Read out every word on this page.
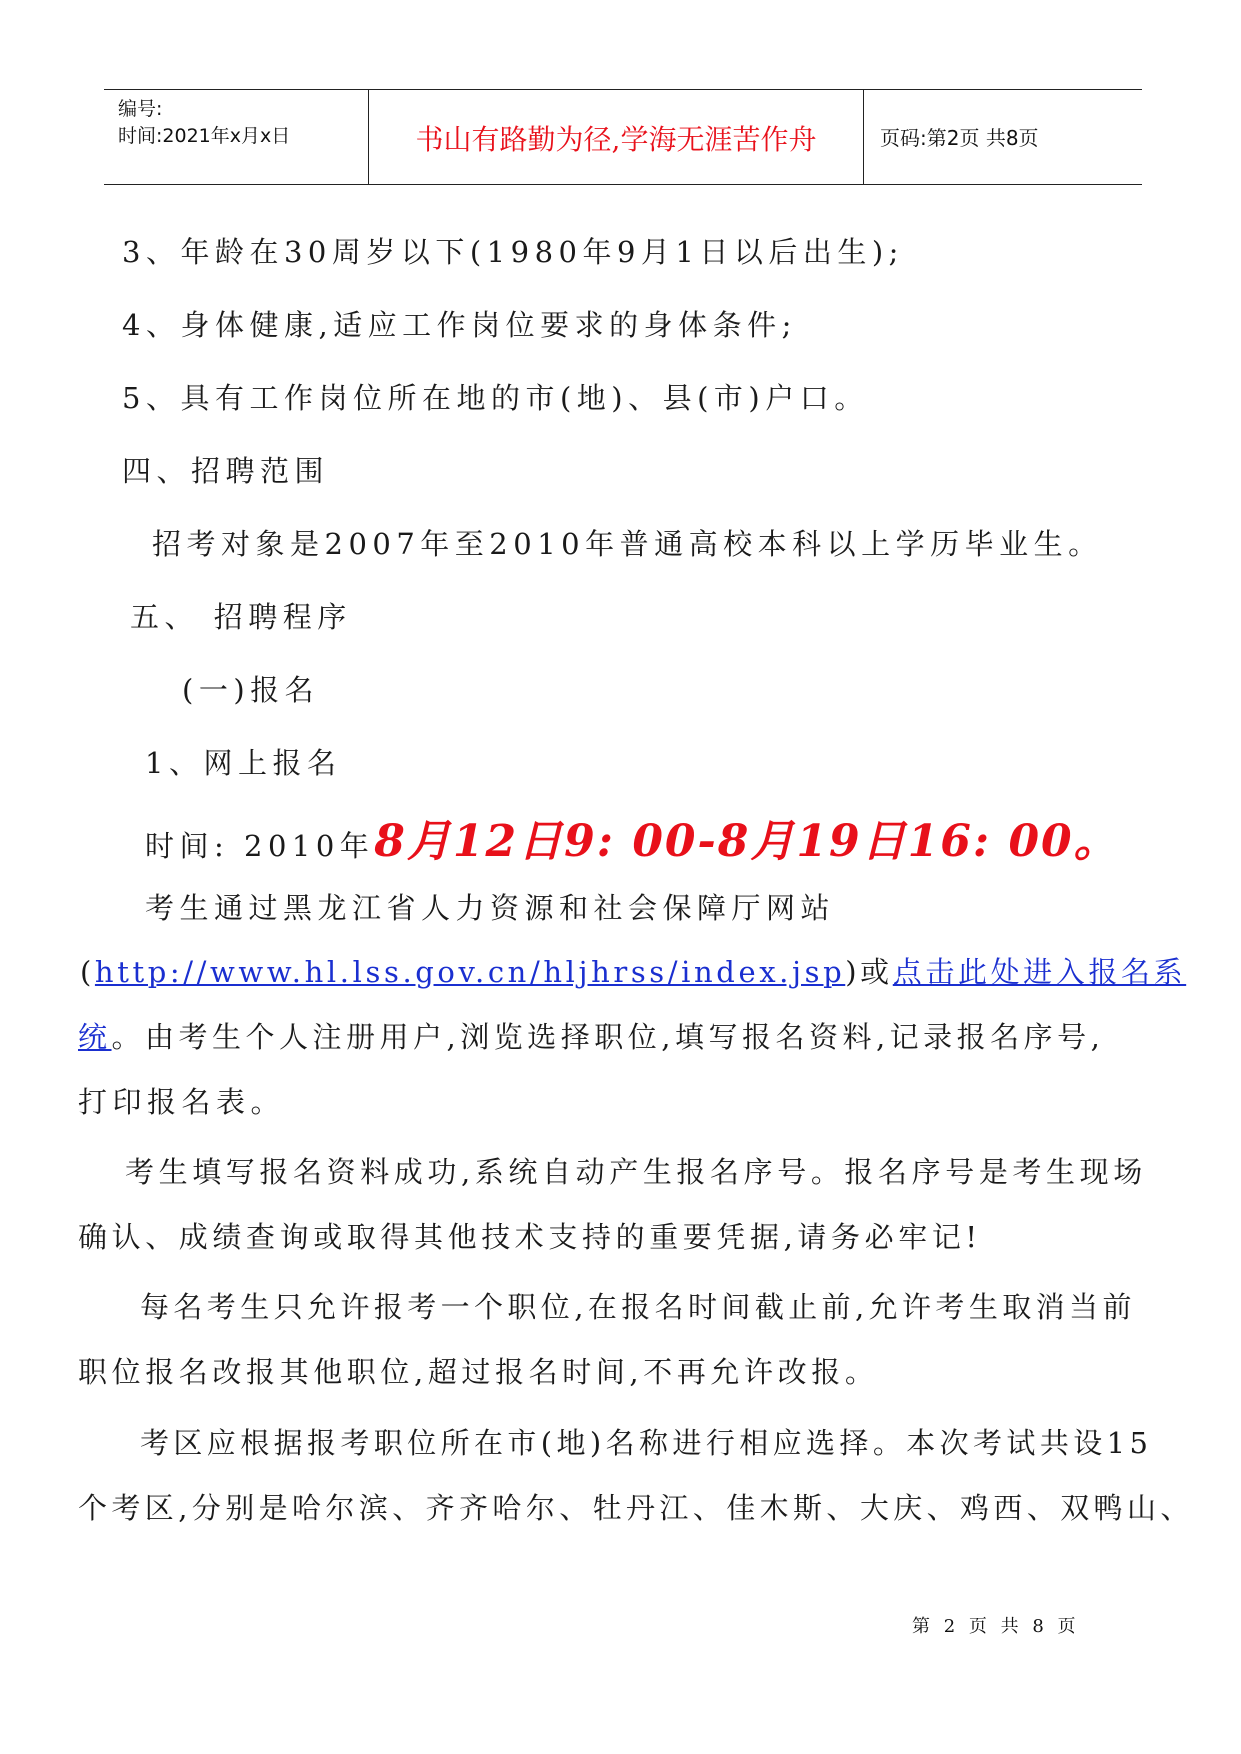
编号:
时间:2021年x月x日	书山有路勤为径,学海无涯苦作舟	页码:第2页 共8页
3、年龄在30周岁以下(1980年9月1日以后出生);
4、身体健康,适应工作岗位要求的身体条件;
5、具有工作岗位所在地的市(地)、县(市)户口。
四、招聘范围
招考对象是2007年至2010年普通高校本科以上学历毕业生。
五、 招聘程序
(一)报名
1、网上报名
时间: 2010年8月12日9: 00-8月19日16: 00。
考生通过黑龙江省人力资源和社会保障厅网站
(http://www.hl.lss.gov.cn/hljhrss/index.jsp)或点击此处进入报名系
统。由考生个人注册用户,浏览选择职位,填写报名资料,记录报名序号,
打印报名表。
考生填写报名资料成功,系统自动产生报名序号。报名序号是考生现场
确认、成绩查询或取得其他技术支持的重要凭据,请务必牢记!
每名考生只允许报考一个职位,在报名时间截止前,允许考生取消当前
职位报名改报其他职位,超过报名时间,不再允许改报。
考区应根据报考职位所在市(地)名称进行相应选择。本次考试共设15
个考区,分别是哈尔滨、齐齐哈尔、牡丹江、佳木斯、大庆、鸡西、双鸭山、
第 2 页 共 8 页
